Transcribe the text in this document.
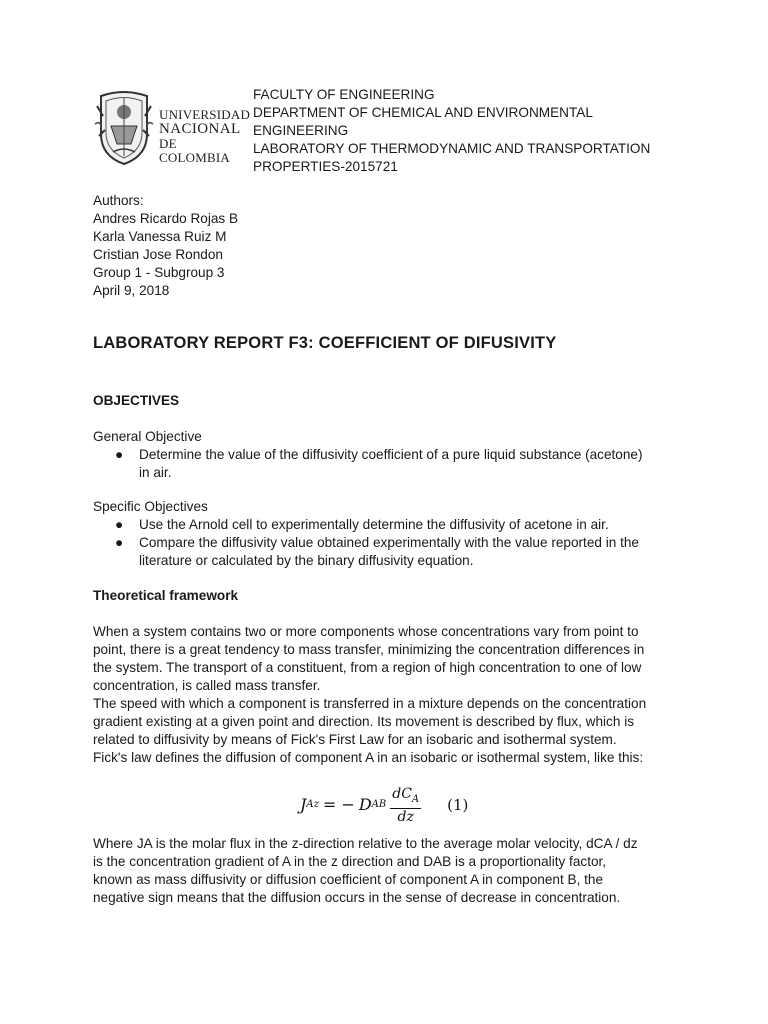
UNIVERSIDAD
NACIONAL
DE COLOMBIA
FACULTY OF ENGINEERING
DEPARTMENT OF CHEMICAL AND ENVIRONMENTAL
ENGINEERING
LABORATORY OF THERMODYNAMIC AND TRANSPORTATION
PROPERTIES-2015721
Authors:
Andres Ricardo Rojas B
Karla Vanessa Ruiz M
Cristian Jose Rondon
Group 1 - Subgroup 3
April 9, 2018
LABORATORY REPORT F3: COEFFICIENT OF DIFUSIVITY
OBJECTIVES
General Objective
● Determine the value of the diffusivity coefficient of a pure liquid substance (acetone)
in air.
Specific Objectives
● Use the Arnold cell to experimentally determine the diffusivity of acetone in air.
● Compare the diffusivity value obtained experimentally with the value reported in the
literature or calculated by the binary diffusivity equation.
Theoretical framework
When a system contains two or more components whose concentrations vary from point to
point, there is a great tendency to mass transfer, minimizing the concentration differences in
the system. The transport of a constituent, from a region of high concentration to one of low
concentration, is called mass transfer.
The speed with which a component is transferred in a mixture depends on the concentration
gradient existing at a given point and direction. Its movement is described by flux, which is
related to diffusivity by means of Fick's First Law for an isobaric and isothermal system.
Fick's law defines the diffusion of component A in an isobaric or isothermal system, like this:
J Az = − D AB $\frac{dC_A}{dz} (1)$
Where JA is the molar flux in the z-direction relative to the average molar velocity, dCA / dz
is the concentration gradient of A in the z direction and DAB is a proportionality factor,
known as mass diffusivity or diffusion coefficient of component A in component B, the
negative sign means that the diffusion occurs in the sense of decrease in concentration.
